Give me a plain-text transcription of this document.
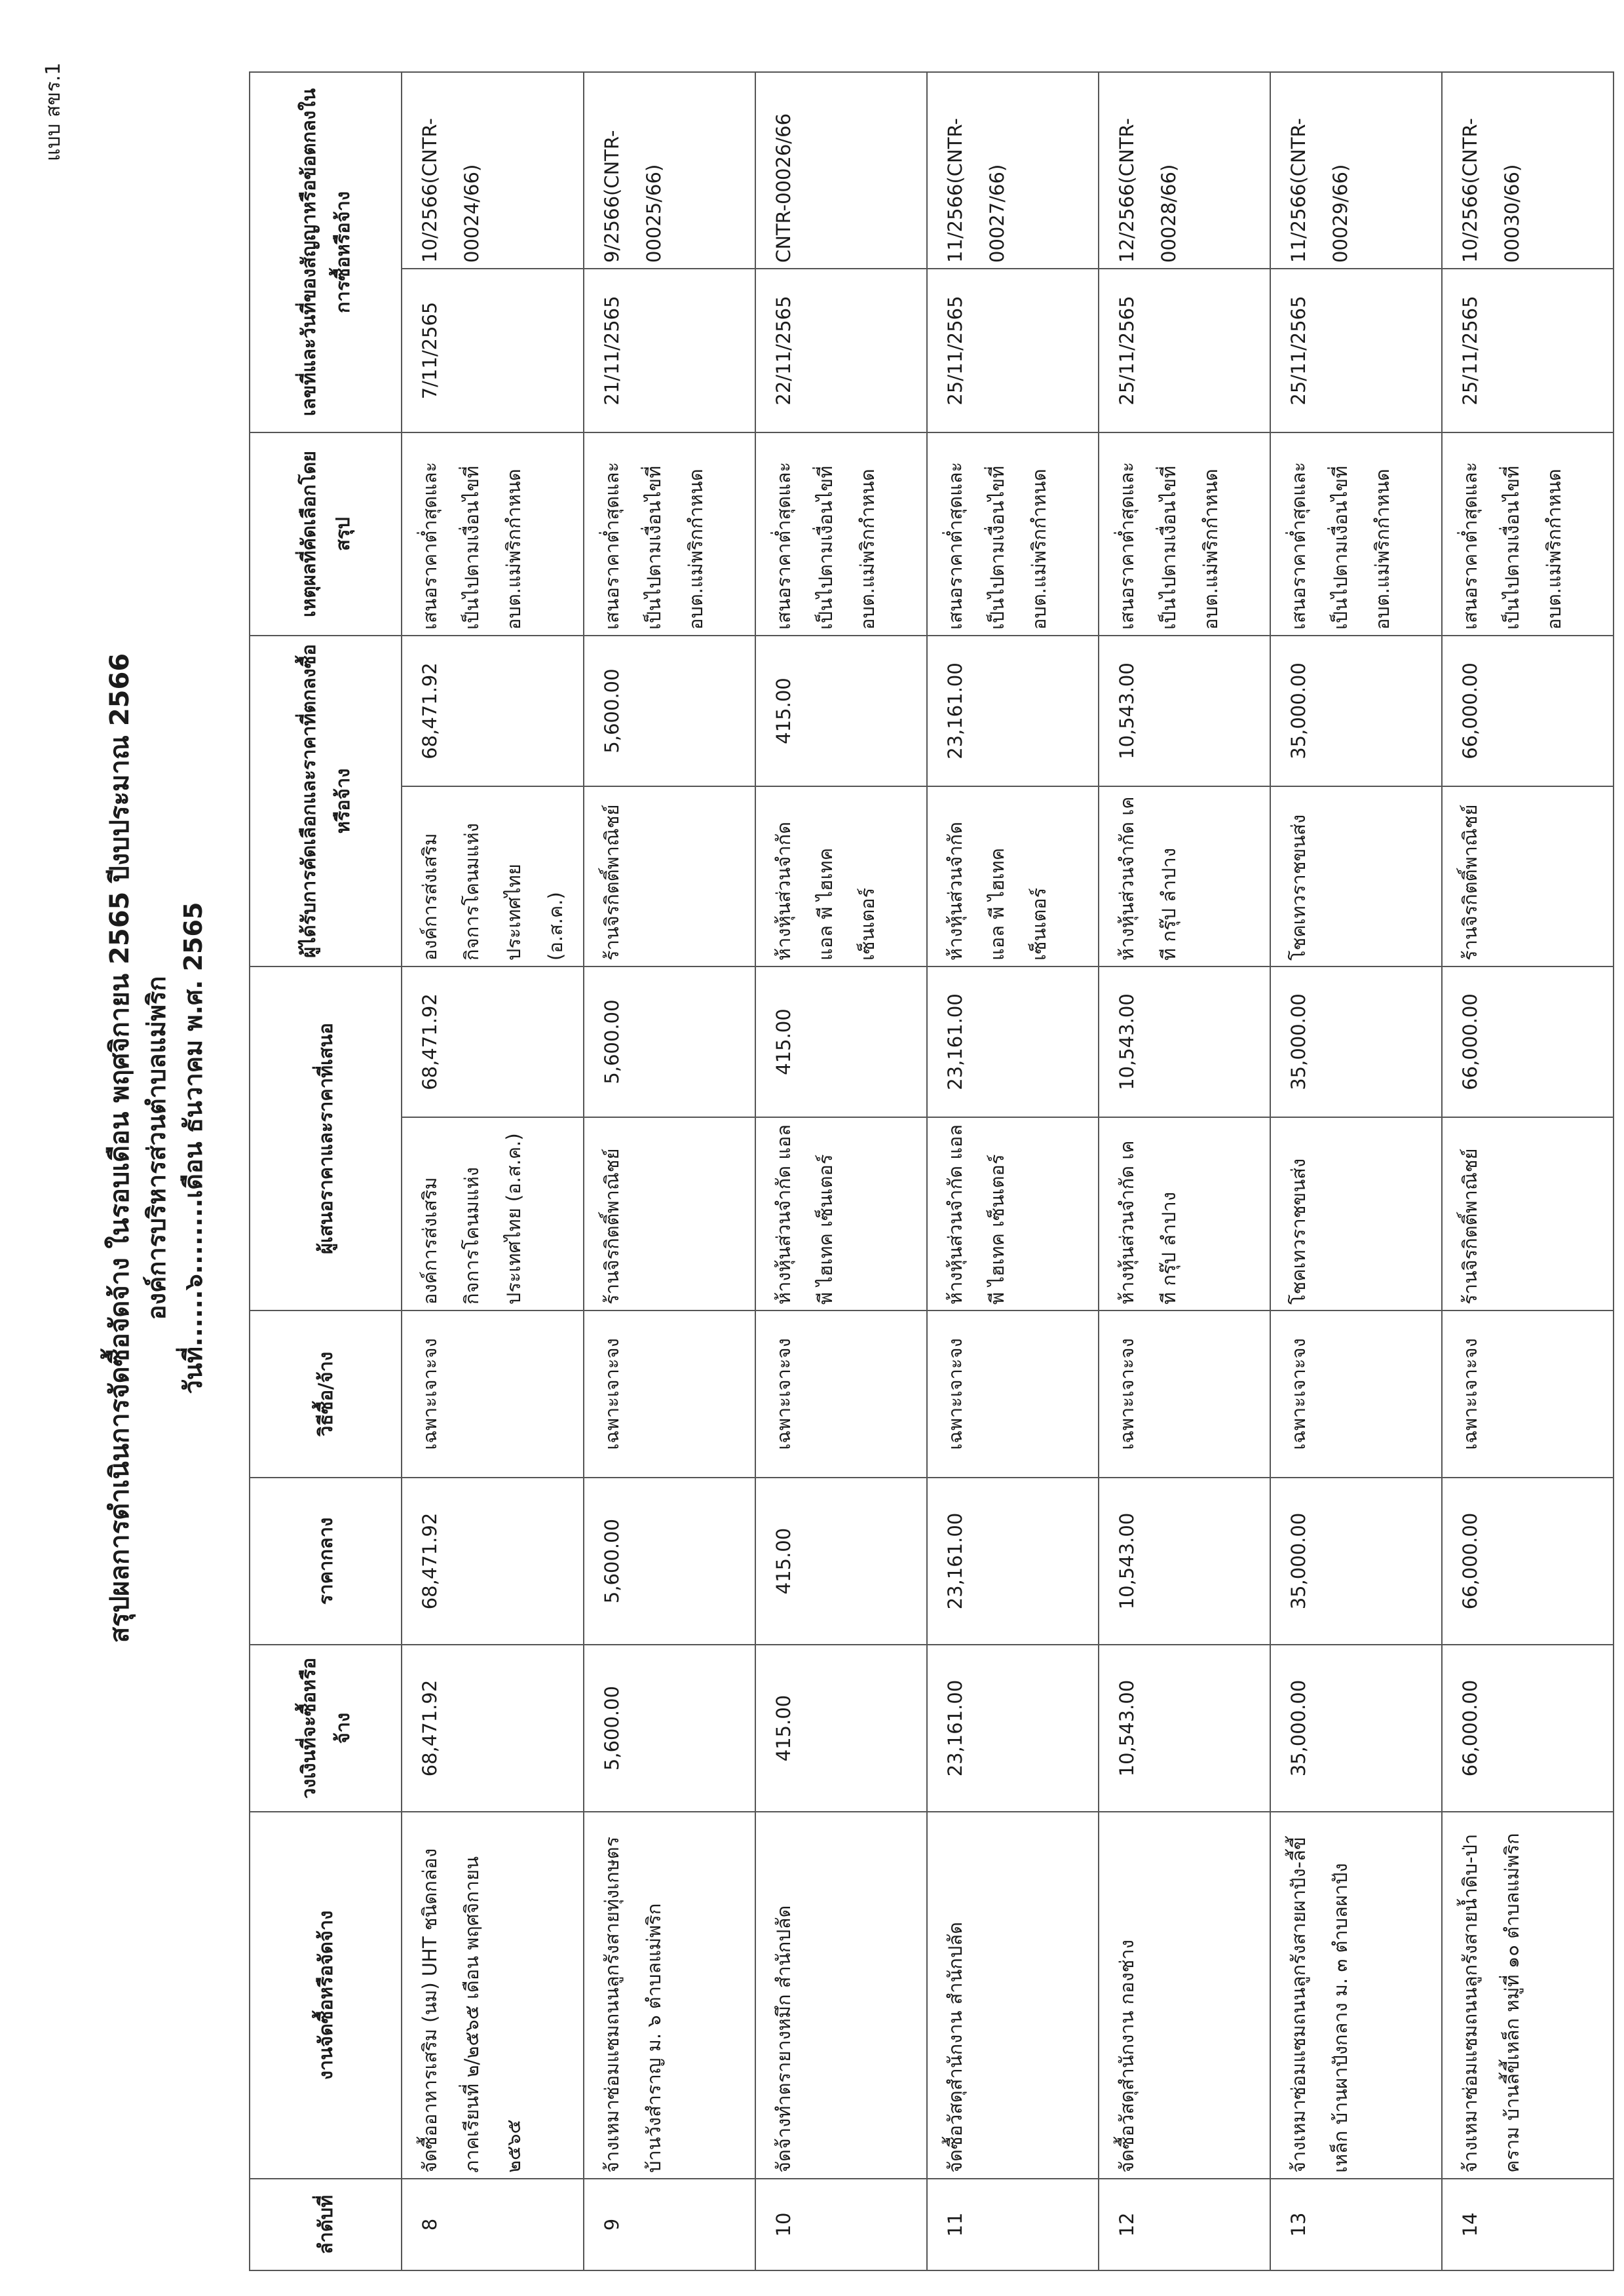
แบบ สขร.1
สรุปผลการดำเนินการจัดซื้อจัดจ้าง ในรอบเดือน พฤศจิกายน 2565 ปีงบประมาณ 2566 องค์การบริหารส่วนตำบลแม่พริก วันที่......๖........เดือน ธันวาคม พ.ศ. 2565
ลำดับที่	งานจัดซื้อหรือจัดจ้าง	วงเงินที่จะซื้อหรือจ้าง	ราคากลาง	วิธีซื้อ/จ้าง	ผู้เสนอราคาและราคาที่เสนอ		ผู้ได้รับการคัดเลือกและราคาที่ตกลงซื้อหรือจ้าง		เหตุผลที่คัดเลือกโดยสรุป	เลขที่และวันที่ของสัญญาหรือข้อตกลงในการซื้อหรือจ้าง	
8	จัดซื้ออาหารเสริม (นม) UHT ชนิดกล่อง ภาคเรียนที่ ๒/๒๕๖๕ เดือน พฤศจิกายน ๒๕๖๕	68,471.92	68,471.92	เฉพาะเจาะจง	องค์การส่งเสริมกิจการโคนมแห่งประเทศไทย (อ.ส.ค.)	68,471.92	องค์การส่งเสริมกิจการโคนมแห่งประเทศไทย (อ.ส.ค.)	68,471.92	เสนอราคาต่ำสุดและเป็นไปตามเงื่อนไขที่ อบต.แม่พริกกำหนด	7/11/2565	10/2566(CNTR-00024/66)
9	จ้างเหมาซ่อมแซมถนนลูกรังสายทุ่งเกษตรบ้านวังสำราญ ม. ๖ ตำบลแม่พริก	5,600.00	5,600.00	เฉพาะเจาะจง	ร้านจิรกิตติ์พาณิชย์	5,600.00	ร้านจิรกิตติ์พาณิชย์	5,600.00	เสนอราคาต่ำสุดและเป็นไปตามเงื่อนไขที่ อบต.แม่พริกกำหนด	21/11/2565	9/2566(CNTR-00025/66)
10	จัดจ้างทำตรายางหมึก สำนักปลัด	415.00	415.00	เฉพาะเจาะจง	ห้างหุ้นส่วนจำกัด แอล พี ไฮเทค เซ็นเตอร์	415.00	ห้างหุ้นส่วนจำกัด แอล พี ไฮเทค เซ็นเตอร์	415.00	เสนอราคาต่ำสุดและเป็นไปตามเงื่อนไขที่ อบต.แม่พริกกำหนด	22/11/2565	CNTR-00026/66
11	จัดซื้อวัสดุสำนักงาน สำนักปลัด	23,161.00	23,161.00	เฉพาะเจาะจง	ห้างหุ้นส่วนจำกัด แอล พี ไฮเทค เซ็นเตอร์	23,161.00	ห้างหุ้นส่วนจำกัด แอล พี ไฮเทค เซ็นเตอร์	23,161.00	เสนอราคาต่ำสุดและเป็นไปตามเงื่อนไขที่ อบต.แม่พริกกำหนด	25/11/2565	11/2566(CNTR-00027/66)
12	จัดซื้อวัสดุสำนักงาน กองช่าง	10,543.00	10,543.00	เฉพาะเจาะจง	ห้างหุ้นส่วนจำกัด เค ที กรุ๊ป ลำปาง	10,543.00	ห้างหุ้นส่วนจำกัด เค ที กรุ๊ป ลำปาง	10,543.00	เสนอราคาต่ำสุดและเป็นไปตามเงื่อนไขที่ อบต.แม่พริกกำหนด	25/11/2565	12/2566(CNTR-00028/66)
13	จ้างเหมาซ่อมแซมถนนลูกรังสายผาปัง-ลี้ขี้เหล็ก บ้านผาปังกลาง ม. ๓ ตำบลผาปัง	35,000.00	35,000.00	เฉพาะเจาะจง	โชคเทวราชขนส่ง	35,000.00	โชคเทวราชขนส่ง	35,000.00	เสนอราคาต่ำสุดและเป็นไปตามเงื่อนไขที่ อบต.แม่พริกกำหนด	25/11/2565	11/2566(CNTR-00029/66)
14	จ้างเหมาซ่อมแซมถนนลูกรังสายน้ำดิบ-ป่าคราม บ้านลี้ขี้เหล็ก หมู่ที่ ๑๐ ตำบลแม่พริก	66,000.00	66,000.00	เฉพาะเจาะจง	ร้านจิรกิตติ์พาณิชย์	66,000.00	ร้านจิรกิตติ์พาณิชย์	66,000.00	เสนอราคาต่ำสุดและเป็นไปตามเงื่อนไขที่ อบต.แม่พริกกำหนด	25/11/2565	10/2566(CNTR-00030/66)
